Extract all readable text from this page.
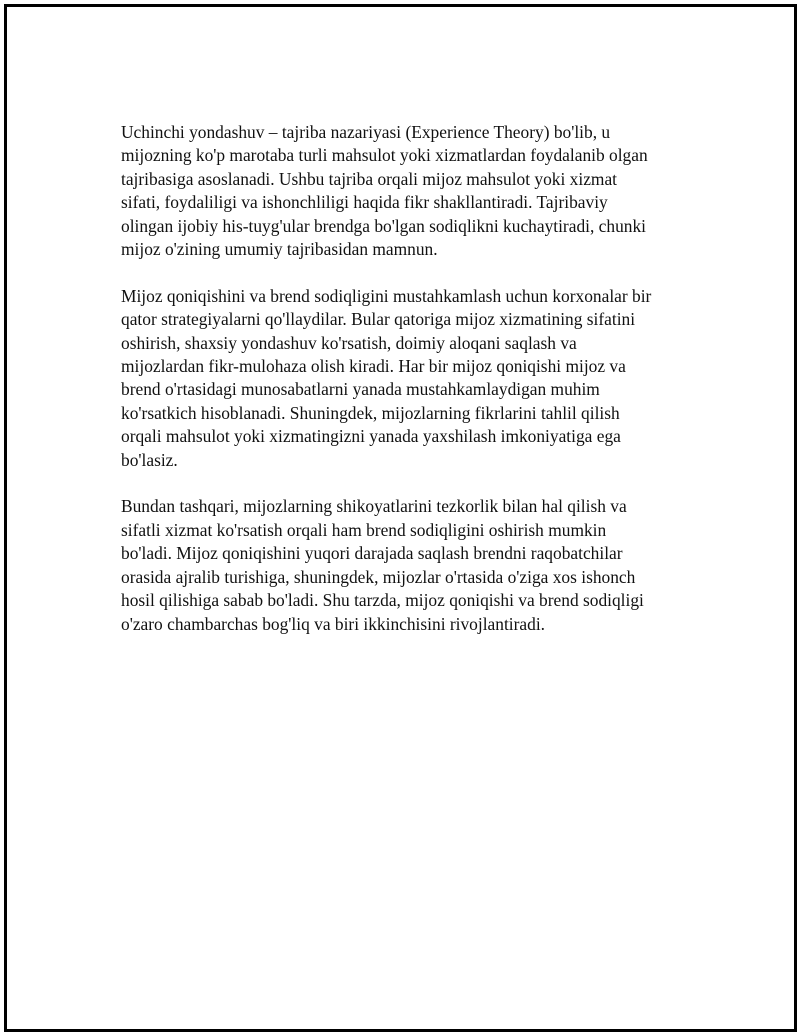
Uchinchi yondashuv – tajriba nazariyasi (Experience Theory) bo'lib, u
mijozning ko'p marotaba turli mahsulot yoki xizmatlardan foydalanib olgan
tajribasiga asoslanadi. Ushbu tajriba orqali mijoz mahsulot yoki xizmat
sifati, foydaliligi va ishonchliligi haqida fikr shakllantiradi. Tajribaviy
olingan ijobiy his-tuyg'ular brendga bo'lgan sodiqlikni kuchaytiradi, chunki
mijoz o'zining umumiy tajribasidan mamnun.

Mijoz qoniqishini va brend sodiqligini mustahkamlash uchun korxonalar bir
qator strategiyalarni qo'llaydilar. Bular qatoriga mijoz xizmatining sifatini
oshirish, shaxsiy yondashuv ko'rsatish, doimiy aloqani saqlash va
mijozlardan fikr-mulohaza olish kiradi. Har bir mijoz qoniqishi mijoz va
brend o'rtasidagi munosabatlarni yanada mustahkamlaydigan muhim
ko'rsatkich hisoblanadi. Shuningdek, mijozlarning fikrlarini tahlil qilish
orqali mahsulot yoki xizmatingizni yanada yaxshilash imkoniyatiga ega
bo'lasiz.

Bundan tashqari, mijozlarning shikoyatlarini tezkorlik bilan hal qilish va
sifatli xizmat ko'rsatish orqali ham brend sodiqligini oshirish mumkin
bo'ladi. Mijoz qoniqishini yuqori darajada saqlash brendni raqobatchilar
orasida ajralib turishiga, shuningdek, mijozlar o'rtasida o'ziga xos ishonch
hosil qilishiga sabab bo'ladi. Shu tarzda, mijoz qoniqishi va brend sodiqligi
o'zaro chambarchas bog'liq va biri ikkinchisini rivojlantiradi.
